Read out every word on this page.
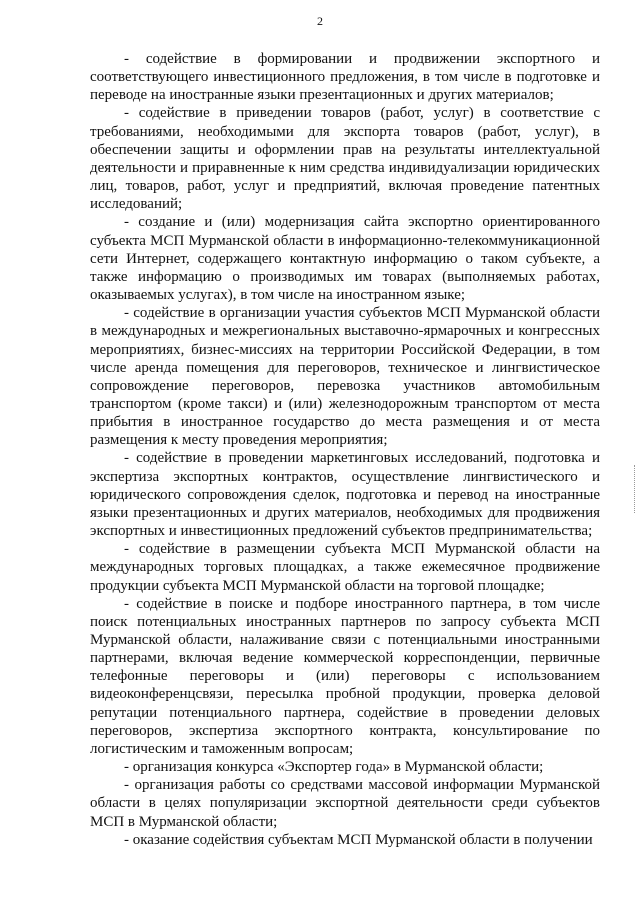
2

- содействие в формировании и продвижении экспортного и соответствующего инвестиционного предложения, в том числе в подготовке и переводе на иностранные языки презентационных и других материалов;

- содействие в приведении товаров (работ, услуг) в соответствие с требованиями, необходимыми для экспорта товаров (работ, услуг), в обеспечении защиты и оформлении прав на результаты интеллектуальной деятельности и приравненные к ним средства индивидуализации юридических лиц, товаров, работ, услуг и предприятий, включая проведение патентных исследований;

- создание и (или) модернизация сайта экспортно ориентированного субъекта МСП Мурманской области в информационно-телекоммуникационной сети Интернет, содержащего контактную информацию о таком субъекте, а также информацию о производимых им товарах (выполняемых работах, оказываемых услугах), в том числе на иностранном языке;

- содействие в организации участия субъектов МСП Мурманской области в международных и межрегиональных выставочно-ярмарочных и конгрессных мероприятиях, бизнес-миссиях на территории Российской Федерации, в том числе аренда помещения для переговоров, техническое и лингвистическое сопровождение переговоров, перевозка участников автомобильным транспортом (кроме такси) и (или) железнодорожным транспортом от места прибытия в иностранное государство до места размещения и от места размещения к месту проведения мероприятия;

- содействие в проведении маркетинговых исследований, подготовка и экспертиза экспортных контрактов, осуществление лингвистического и юридического сопровождения сделок, подготовка и перевод на иностранные языки презентационных и других материалов, необходимых для продвижения экспортных и инвестиционных предложений субъектов предпринимательства;

- содействие в размещении субъекта МСП Мурманской области на международных торговых площадках, а также ежемесячное продвижение продукции субъекта МСП Мурманской области на торговой площадке;

- содействие в поиске и подборе иностранного партнера, в том числе поиск потенциальных иностранных партнеров по запросу субъекта МСП Мурманской области, налаживание связи с потенциальными иностранными партнерами, включая ведение коммерческой корреспонденции, первичные телефонные переговоры и (или) переговоры с использованием видеоконференцсвязи, пересылка пробной продукции, проверка деловой репутации потенциального партнера, содействие в проведении деловых переговоров, экспертиза экспортного контракта, консультирование по логистическим и таможенным вопросам;

- организация конкурса «Экспортер года» в Мурманской области;

- организация работы со средствами массовой информации Мурманской области в целях популяризации экспортной деятельности среди субъектов МСП в Мурманской области;

- оказание содействия субъектам МСП Мурманской области в получении
